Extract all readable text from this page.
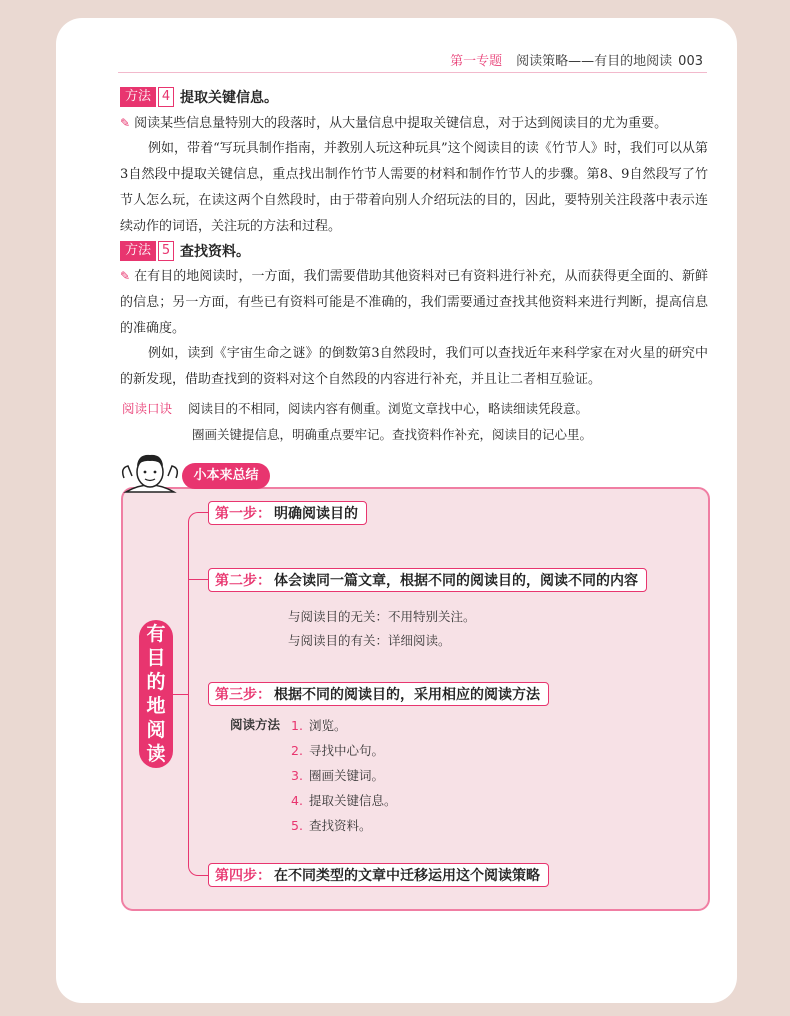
第一专题 阅读策略——有目的地阅读 003
方法 4 提取关键信息。
✎ 阅读某些信息量特别大的段落时，从大量信息中提取关键信息，对于达到阅读目的尤为重要。
例如，带着“写玩具制作指南，并教别人玩这种玩具”这个阅读目的读《竹节人》时，我们可以从第3自然段中提取关键信息，重点找出制作竹节人需要的材料和制作竹节人的步骤。第8、9自然段写了竹节人怎么玩，在读这两个自然段时，由于带着向别人介绍玩法的目的，因此，要特别关注段落中表示连续动作的词语，关注玩的方法和过程。
方法 5 查找资料。
✎ 在有目的地阅读时，一方面，我们需要借助其他资料对已有资料进行补充，从而获得更全面的、新鲜的信息；另一方面，有些已有资料可能是不准确的，我们需要通过查找其他资料来进行判断，提高信息的准确度。
例如，读到《宇宙生命之谜》的倒数第3自然段时，我们可以查找近年来科学家在对火星的研究中的新发现，借助查找到的资料对这个自然段的内容进行补充，并且让二者相互验证。
阅读口诀 阅读目的不相同，阅读内容有侧重。浏览文章找中心，略读细读凭段意。
圈画关键提信息，明确重点要牢记。查找资料作补充，阅读目的记心里。
小本来总结
有
目
的
地
阅
读
第一步： 明确阅读目的
第二步： 体会读同一篇文章，根据不同的阅读目的，阅读不同的内容
与阅读目的无关：不用特别关注。
与阅读目的有关：详细阅读。
第三步： 根据不同的阅读目的，采用相应的阅读方法
阅读方法 1. 浏览。
2. 寻找中心句。
3. 圈画关键词。
4. 提取关键信息。
5. 查找资料。
第四步： 在不同类型的文章中迁移运用这个阅读策略
